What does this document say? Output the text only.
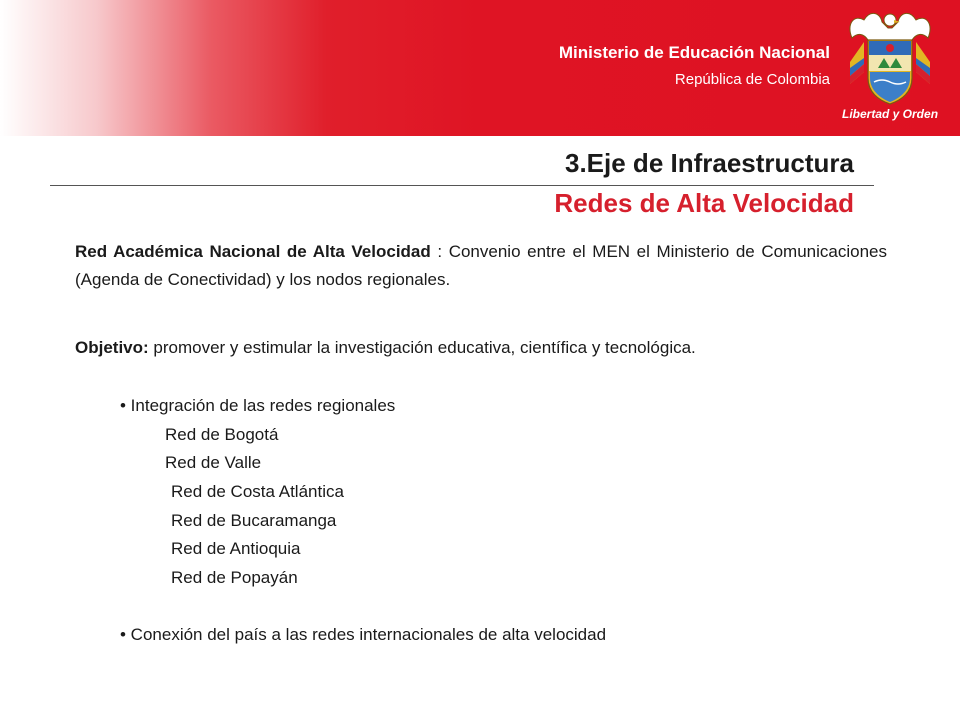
Ministerio de Educación Nacional
República de Colombia
Libertad y Orden
3.Eje de Infraestructura
Redes de Alta Velocidad
Red Académica Nacional de Alta Velocidad : Convenio entre el MEN el Ministerio de Comunicaciones (Agenda de Conectividad) y los nodos regionales.
Objetivo: promover y estimular la investigación educativa, científica y tecnológica.
• Integración de las redes regionales
Red de Bogotá
Red de Valle
Red de Costa Atlántica
Red de Bucaramanga
Red de Antioquia
Red de Popayán
• Conexión del país a las redes internacionales de alta velocidad
